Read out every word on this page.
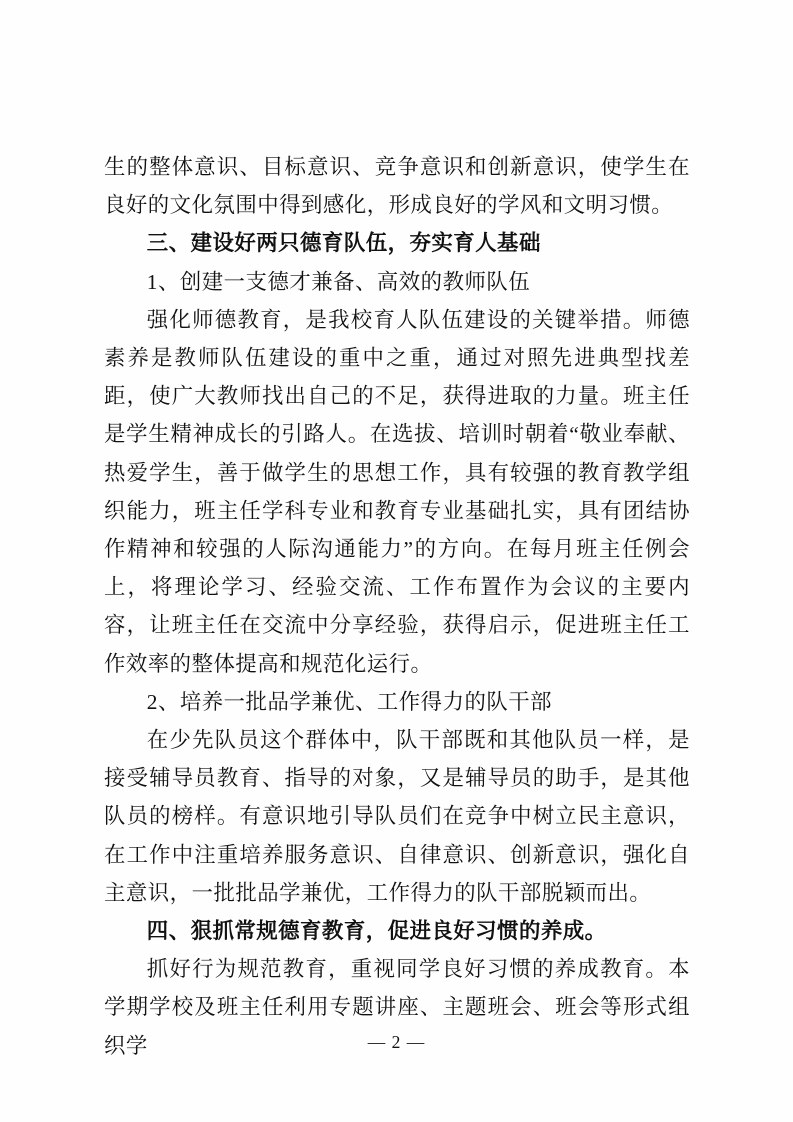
生的整体意识、目标意识、竞争意识和创新意识，使学生在良好的文化氛围中得到感化，形成良好的学风和文明习惯。

三、建设好两只德育队伍，夯实育人基础

1、创建一支德才兼备、高效的教师队伍

强化师德教育，是我校育人队伍建设的关键举措。师德素养是教师队伍建设的重中之重，通过对照先进典型找差距，使广大教师找出自己的不足，获得进取的力量。班主任是学生精神成长的引路人。在选拔、培训时朝着“敬业奉献、热爱学生，善于做学生的思想工作，具有较强的教育教学组织能力，班主任学科专业和教育专业基础扎实，具有团结协作精神和较强的人际沟通能力”的方向。在每月班主任例会上，将理论学习、经验交流、工作布置作为会议的主要内容，让班主任在交流中分享经验，获得启示，促进班主任工作效率的整体提高和规范化运行。

2、培养一批品学兼优、工作得力的队干部

在少先队员这个群体中，队干部既和其他队员一样，是接受辅导员教育、指导的对象，又是辅导员的助手，是其他队员的榜样。有意识地引导队员们在竞争中树立民主意识，在工作中注重培养服务意识、自律意识、创新意识，强化自主意识，一批批品学兼优，工作得力的队干部脱颖而出。

四、狠抓常规德育教育，促进良好习惯的养成。

抓好行为规范教育，重视同学良好习惯的养成教育。本学期学校及班主任利用专题讲座、主题班会、班会等形式组织学	— 2 —
